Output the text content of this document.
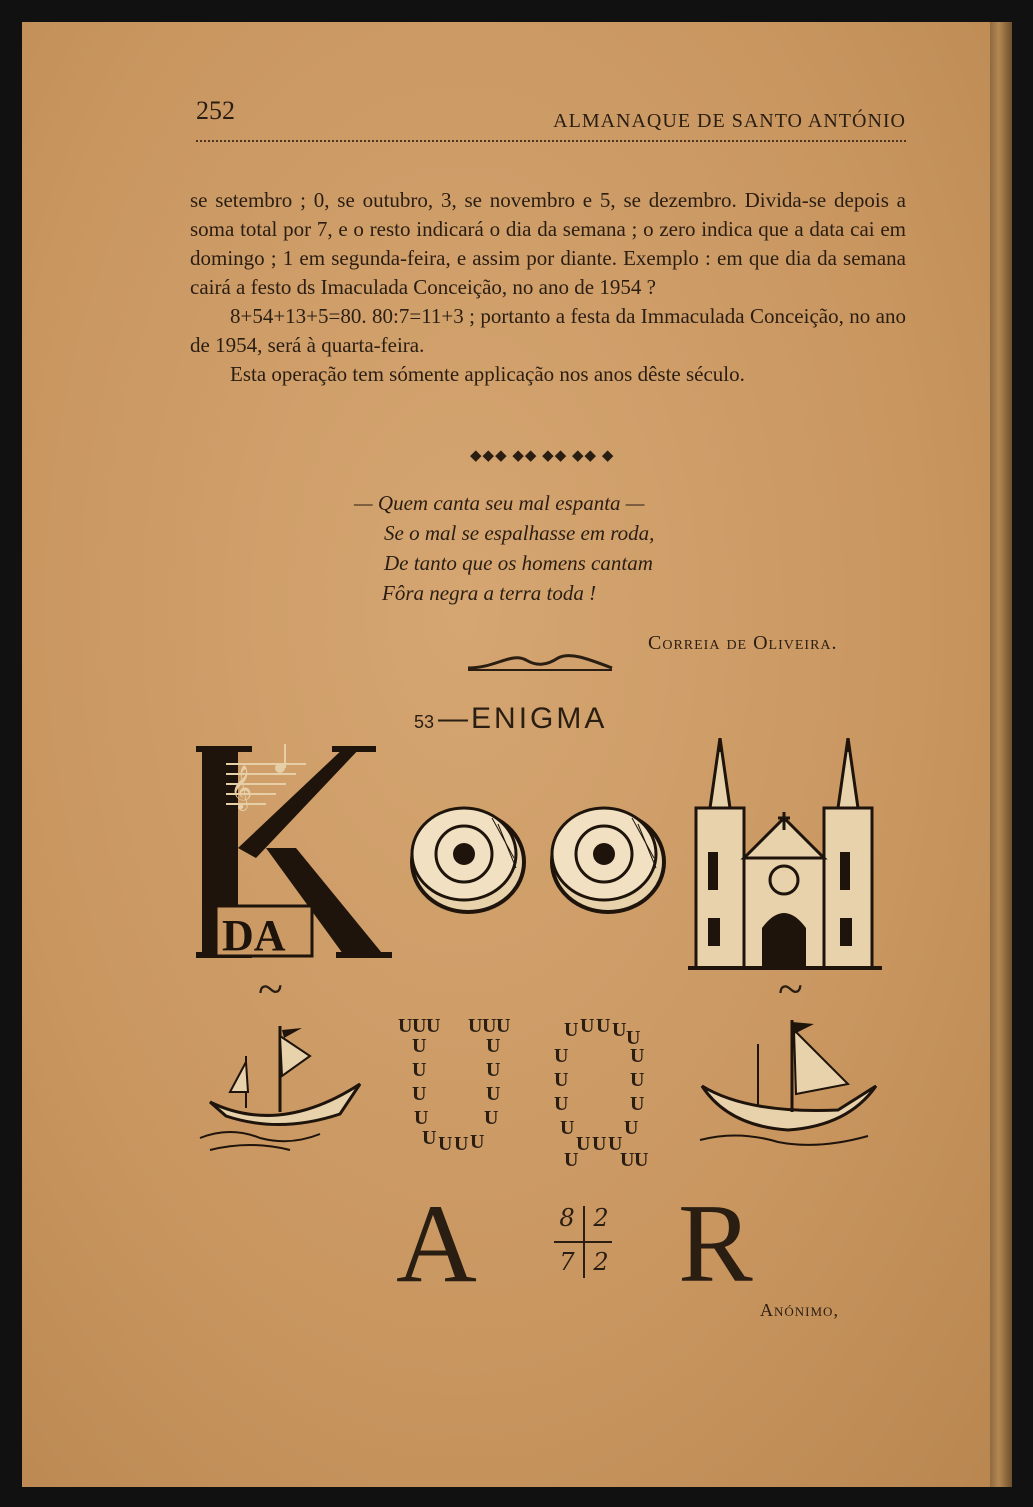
252	ALMANAQUE DE SANTO ANTÓNIO

se setembro ; 0, se outubro, 3, se novembro e 5, se dezembro. Divida-se depois a soma total por 7, e o resto indicará o dia da semana ; o zero indica que a data cai em domingo ; 1 em segunda-feira, e assim por diante. Exemplo : em que dia da semana cairá a festo ds Imaculada Conceição, no ano de 1954 ?

8+54+13+5=80. 80:7=11+3 ; portanto a festa da Immaculada Conceição, no ano de 1954, será à quarta-feira.

Esta operação tem sómente applicação nos anos dêste século.

◆◆◆ ◆◆ ◆◆ ◆◆ ◆
— Quem canta seu mal espanta —
Se o mal se espalhasse em roda,
De tanto que os homens cantam
Fôra negra a terra toda !
Correia de Oliveira.
53 —ENIGMA
𝄞
DA
~	~
U U U
U
U
U
U
U
U U U
U
U
U
U
U U U
U U U U U
U	U
U	U
U	U
U U
U U U
U U U
A	8 2
7 2 R
Anónimo,
